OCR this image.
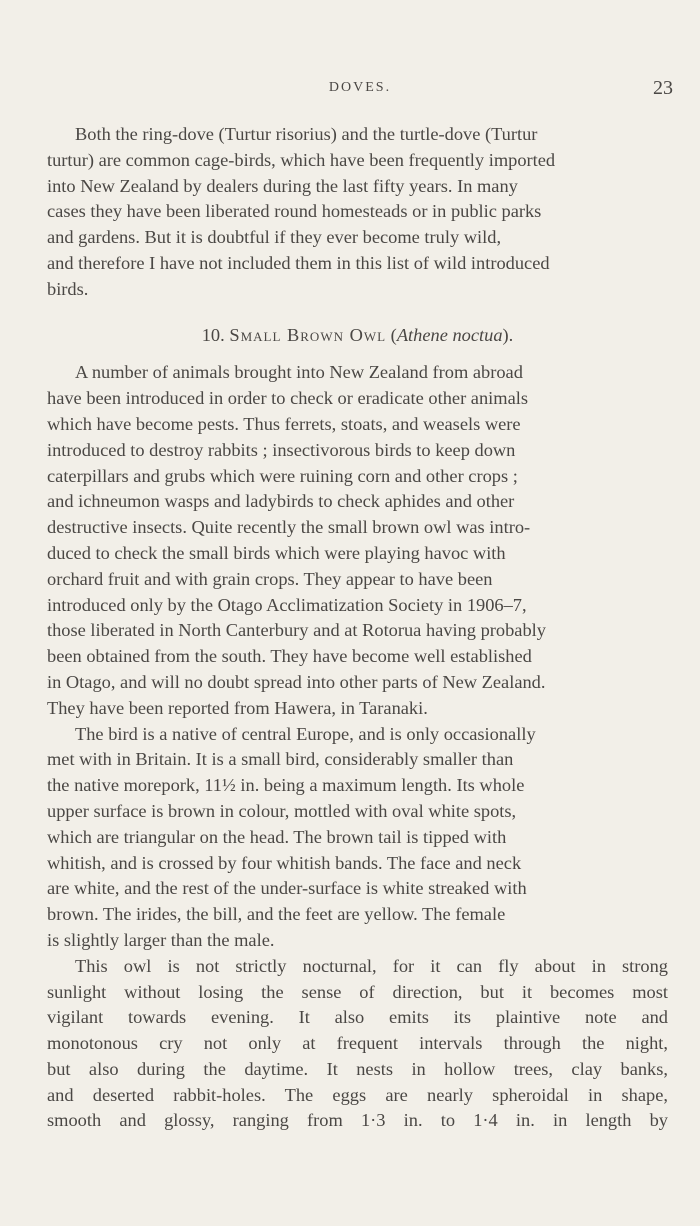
DOVES.	23

Both the ring-dove (Turtur risorius) and the turtle-dove (Turtur
turtur) are common cage-birds, which have been frequently imported
into New Zealand by dealers during the last fifty years. In many
cases they have been liberated round homesteads or in public parks
and gardens. But it is doubtful if they ever become truly wild,
and therefore I have not included them in this list of wild introduced
birds.

10. Small Brown Owl (Athene noctua).

A number of animals brought into New Zealand from abroad
have been introduced in order to check or eradicate other animals
which have become pests. Thus ferrets, stoats, and weasels were
introduced to destroy rabbits ; insectivorous birds to keep down
caterpillars and grubs which were ruining corn and other crops ;
and ichneumon wasps and ladybirds to check aphides and other
destructive insects. Quite recently the small brown owl was intro-
duced to check the small birds which were playing havoc with
orchard fruit and with grain crops. They appear to have been
introduced only by the Otago Acclimatization Society in 1906–7,
those liberated in North Canterbury and at Rotorua having probably
been obtained from the south. They have become well established
in Otago, and will no doubt spread into other parts of New Zealand.
They have been reported from Hawera, in Taranaki.

The bird is a native of central Europe, and is only occasionally
met with in Britain. It is a small bird, considerably smaller than
the native morepork, 11½ in. being a maximum length. Its whole
upper surface is brown in colour, mottled with oval white spots,
which are triangular on the head. The brown tail is tipped with
whitish, and is crossed by four whitish bands. The face and neck
are white, and the rest of the under-surface is white streaked with
brown. The irides, the bill, and the feet are yellow. The female
is slightly larger than the male.

This owl is not strictly nocturnal, for it can fly about in strong
sunlight without losing the sense of direction, but it becomes most
vigilant towards evening. It also emits its plaintive note and
monotonous cry not only at frequent intervals through the night,
but also during the daytime. It nests in hollow trees, clay banks,
and deserted rabbit-holes. The eggs are nearly spheroidal in shape,
smooth and glossy, ranging from 1·3 in. to 1·4 in. in length by
